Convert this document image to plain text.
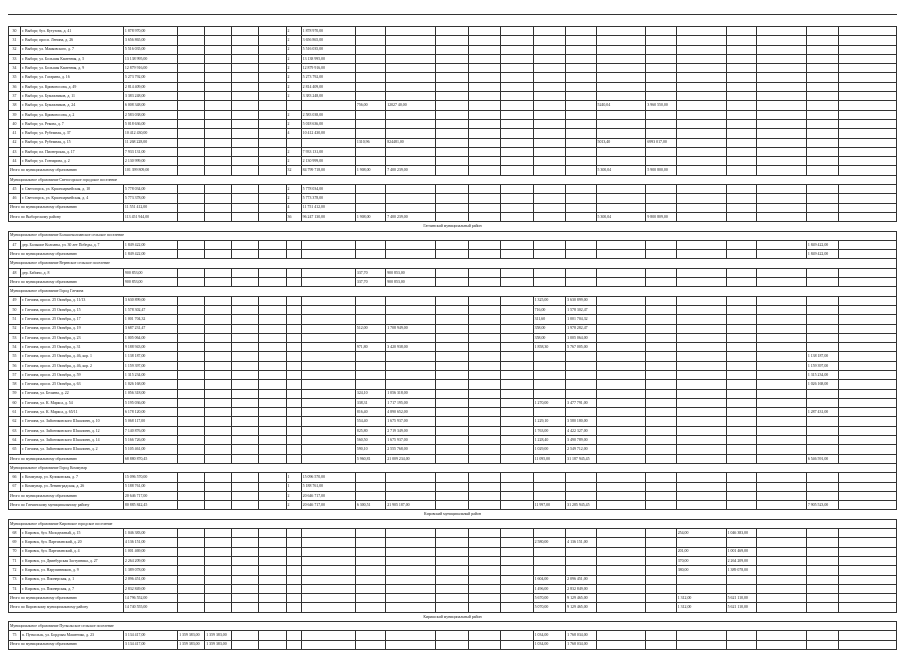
30	г. Выборг, бул. Кутузова, д. 41	1 878 970,00					2	1 878 970,00														
31	г. Выборг, просп. Ленина, д. 26	3 656 865,00					2	3 656 865,00														
32	г. Выборг, ул. Маяковского, д. 7	5 516 035,00					2	5 516 035,00														
33	г. Выборг, ул. Большая Каменная, д. 5	13 138 995,00					2	13 138 995,00														
34	г. Выборг, ул. Большая Каменная, д. 9	12 879 916,00					2	12 879 916,00														
35	г. Выборг, ул. Гагарина, д. 16	5 273 792,00					2	5 273 792,00														
36	г. Выборг, ул. Кривоносова, д. 49	2 814 409,00					2	2 814 409,00														
37	г. Выборг, ул. Бумажников, д. 11	3 383 248,00					2	3 383 248,00														
38	г. Выборг, ул. Бумажников, д. 24	6 008 348,00							756,00	12027 40,00						5240,04	3 960 550,00					
39	г. Выборг, ул. Кривоносова, д. 2	2 583 038,00					2	2 583 038,00														
40	г. Выборг, ул. Рекова, д. 7	5 018 636,00					2	5 018 636,00														
41	г. Выборг, ул. Рубежная, д. 37	10 412 430,00					4	10 412 430,00														
42	г. Выборг, ул. Рубежная, д. 15	11 268 228,00							1310,96	824481,00						5013,40	6993 017,00					
43	г. Выборг, пл. Пионерская, д. 17	7 933 131,00					2	7 933 131,00														
44	г. Выборг, ул. Гончарова, д. 2	2 130 999,00					2	2 130 999,00														
Итого по муниципальному образованию		101 399 809,00					32	84 799 718,00	1 908,00	7 400 239,00						5 300,04	5 900 800,00					
Муниципальное образование Светогорское городское поселение																						
45	г. Светогорск, ул. Красноармейская, д. 10	5 778 034,00					2	5 778 034,00														
46	г. Светогорск, ул. Красноармейская, д. 4	5 773 378,00					2	5 773 378,00														
Итого по муниципальному образованию		11 551 412,00					4	11 751 412,00														
Итого по Выборгскому району		113 451 944,00					36	96 247 130,00	1 908,00	7 400 239,00						5 300,04	9 800 809,00					
Гатчинский муниципальный район																						
Муниципальное образование Большеколпанское сельское поселение																						
47	дер. Большие Колпаны, ул. 30 лет Победы, д. 7	1 849 422,00																			1 849 422,00	
Итого по муниципальному образованию		1 849 422,00																			1 849 422,00	
Муниципальное образование Веревское сельское поселение																						
48	дер. Бабино, д. 8	900 853,00							337,70	900 853,00												
Итого по муниципальному образованию		900 853,00							337,70	900 853,00												
Муниципальное образование Город Гатчина																						
49	г. Гатчина, просп. 25 Октября, д. 11/13	3 630 899,00												1 325,00	3 630 899,00							
50	г. Гатчина, просп. 25 Октября, д. 15	1 578 302,47												716,00	1 578 302,47							
51	г. Гатчина, просп. 25 Октября, д. 17	1 001 704,32												311,60	1 001 704,32							
52	г. Гатчина, просп. 25 Октября, д. 19	3 687 231,47							512,00	1 708 949,00				358,00	1 978 282,47							
53	г. Гатчина, просп. 25 Октября, д. 23	1 005 064,00												358,00	1 005 064,00							
54	г. Гатчина, просп. 25 Октября, д. 31	9 188 943,00							971,80	3 420 938,00				1 858,30	5 767 005,00							
55	г. Гатчина, просп. 25 Октября, д. 46, кор. 1	1 138 187,00																			1 138 187,00	
56	г. Гатчина, просп. 25 Октября, д. 46, кор. 2	1 159 397,00																			1 159 397,00	
57	г. Гатчина, просп. 25 Октября, д. 59	1 315 234,00																			1 315 234,00	
58	г. Гатчина, просп. 25 Октября, д. 63	1 026 168,00																			1 026 168,00	
59	г. Гатчина, ул. Беляева, д. 22	1 056 318,00							324,10	1 056 318,00												
60	г. Гатчина, ул. К. Маркса, д. 54	5 195 036,00							338,31	1 717 195,00				1 270,00	3 477 791,00							
61	г. Гатчина, ул. К. Маркса, д. 65/11	6 178 120,00							816,40	4 890 652,00											1 287 431,00	
62	г. Гатчина, ул. Зайончковского Шашлинн, д. 10	5 068 117,00							554,40	1 675 937,00				1 229,10	3 580 180,00							
63	г. Гатчина, ул. Зайончковского Шашлинн, д. 12	7 140 876,00							825,80	2 719 349,00				1 763,00	4 422 327,00							
64	г. Гатчина, ул. Зайончковского Шашлинн, д. 14	5 166 726,00							560,50	1 675 937,00				1 228,40	3 490 789,00							
65	г. Гатчина, ул. Зайончковского Шашлинн, д. 2	5 105 461,00							590,10	2 555 768,00				1 029,00	2 549 712,00							
Итого по муниципальному образованию		68 880 870,45							5 960,81	21 009 234,00				11 095,00	31 187 945,45						6 546 591,00	
Муниципальное образование Город Коммунар																						
66	г. Коммунар, ул. Куликовская, д. 7	15 096 570,00					1	15 096 570,00														
67	г. Коммунар, ул. Ленинградская, д. 26	5 188 761,00					1	5 188 761,00														
Итого по муниципальному образованию		20 646 717,00					2	20 646 717,00														
Итого по Гатчинскому муниципальному району		80 885 842,45					2	20 646 717,00	6 300,51	21 905 187,00				11 997,00	31 285 945,45						7 905 523,00	
Кировский муниципальный район																						
Муниципальное образование Кировское городское поселение																						
68	г. Кировск, бул. Молодежный, д. 15	1 046 383,00																254,00	1 046 383,00			
69	г. Кировск, бул. Партизанский, д. 20	4 136 151,00												2 580,00	4 136 151,00							
70	г. Кировск, бул. Партизанский, д. 4	1 001 469,00																201,00	1 001 469,00			
71	г. Кировск, ул. Двинбурская Заступника, д. 27	2 264 209,00																370,00	2 264 209,00			
72	г. Кировск, ул. Нарупинников, д. 9	1 389 078,00																380,00	1 389 078,00			
73	г. Кировск, ул. Пионерская, д. 1	2 096 451,00												1 604,00	2 096 451,00							
74	г. Кировск, ул. Пионерская, д. 7	2 832 849,00												1 496,00	2 832 849,00							
Итого по муниципальному образованию		14 796 552,00												5 670,00	9 129 465,00			1 312,00	5 621 110,00			
Итого по Кировскому муниципальному району		14 740 555,00												5 070,00	9 129 465,00			1 312,00	5 621 110,00			
Киришский муниципальный район																						
Муниципальное образование Путкольское сельское поселение																						
75	п. Путкольск, ул. Бордзым Машенчко, д. 23	3 134 417,00	1 359 383,00	1 359 383,00										1 034,00	1 768 034,00							
Итого по муниципальному образованию		3 134 417,00	1 359 383,00	1 359 383,00										1 034,00	1 768 034,00							
